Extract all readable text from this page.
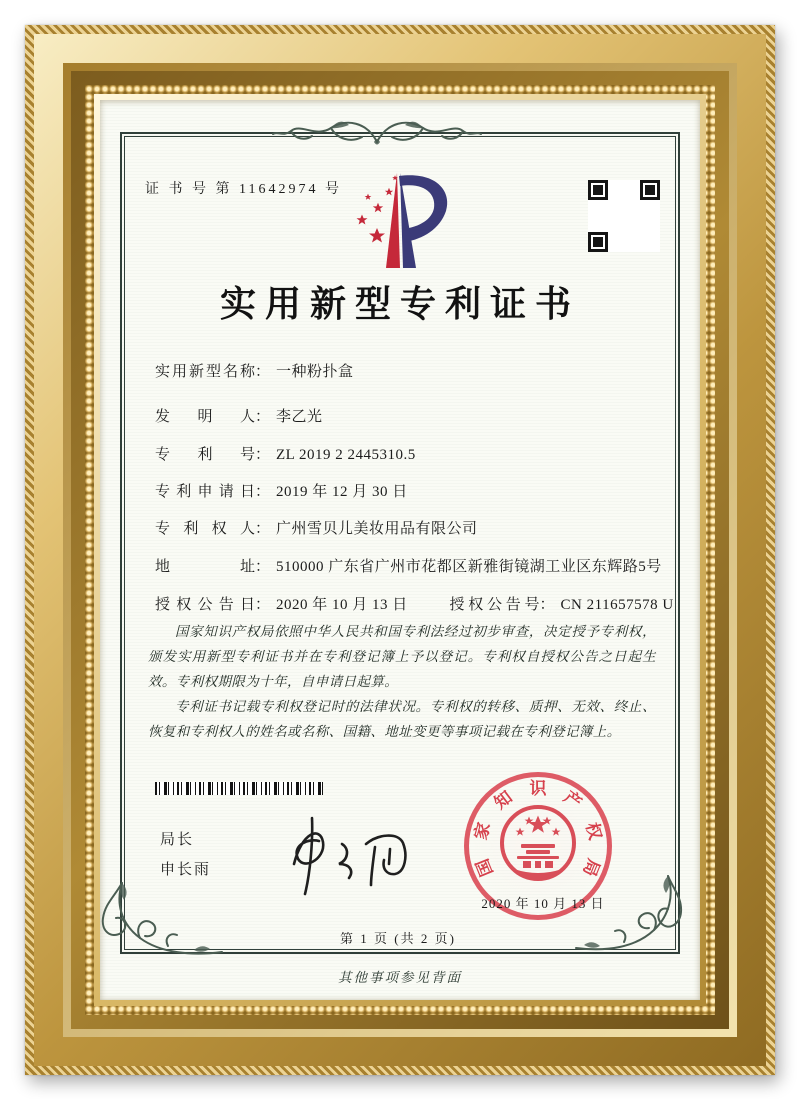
证 书 号 第 11642974 号
实用新型专利证书
实用新型名称： 一种粉扑盒
发明人： 李乙光
专利号： ZL 2019 2 2445310.5
专利申请日： 2019 年 12 月 30 日
专利权人： 广州雪贝儿美妆用品有限公司
地址： 510000 广东省广州市花都区新雅街镜湖工业区东辉路5号
授权公告日： 2020 年 10 月 13 日	授权公告号： CN 211657578 U

国家知识产权局依照中华人民共和国专利法经过初步审查，决定授予专利权，颁发实用新型专利证书并在专利登记簿上予以登记。专利权自授权公告之日起生效。专利权期限为十年，自申请日起算。

专利证书记载专利权登记时的法律状况。专利权的转移、质押、无效、终止、恢复和专利权人的姓名或名称、国籍、地址变更等事项记载在专利登记簿上。

局长
申长雨	国
家
知 识 产
权
局
2020 年 10 月 13 日
第 1 页 (共 2 页)
其他事项参见背面
